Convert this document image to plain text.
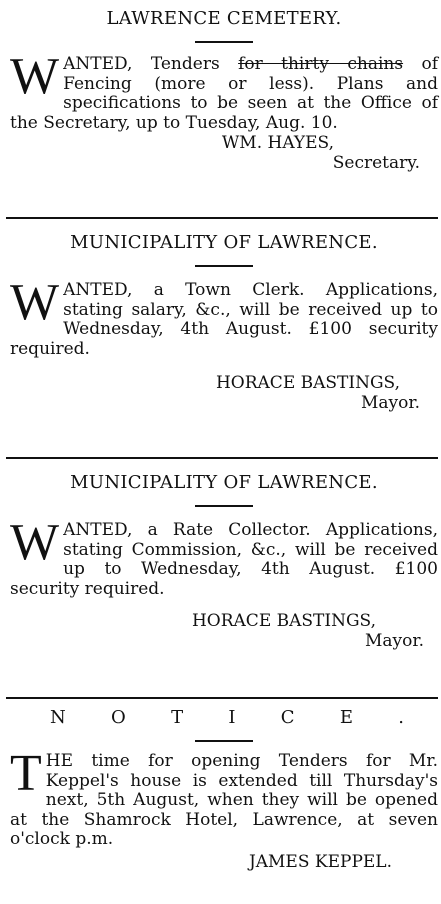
LAWRENCE CEMETERY.
W ANTED, Tenders for thirty chains of Fencing (more or less). Plans and specifications to be seen at the Office of the Secretary, up to Tuesday, Aug. 10.
WM. HAYES,
Secretary.
MUNICIPALITY OF LAWRENCE.
W ANTED, a Town Clerk. Applications, stating salary, &c., will be received up to Wednesday, 4th August. £100 security required.
HORACE BASTINGS,
Mayor.
MUNICIPALITY OF LAWRENCE.
W ANTED, a Rate Collector. Applications, stating Commission, &c., will be received up to Wednesday, 4th August. £100 security required.
HORACE BASTINGS,
Mayor.
N	O	T	I	C	E	.
T HE time for opening Tenders for Mr. Keppel's house is extended till Thursday's next, 5th August, when they will be opened at the Shamrock Hotel, Lawrence, at seven o'clock p.m.
JAMES KEPPEL.
